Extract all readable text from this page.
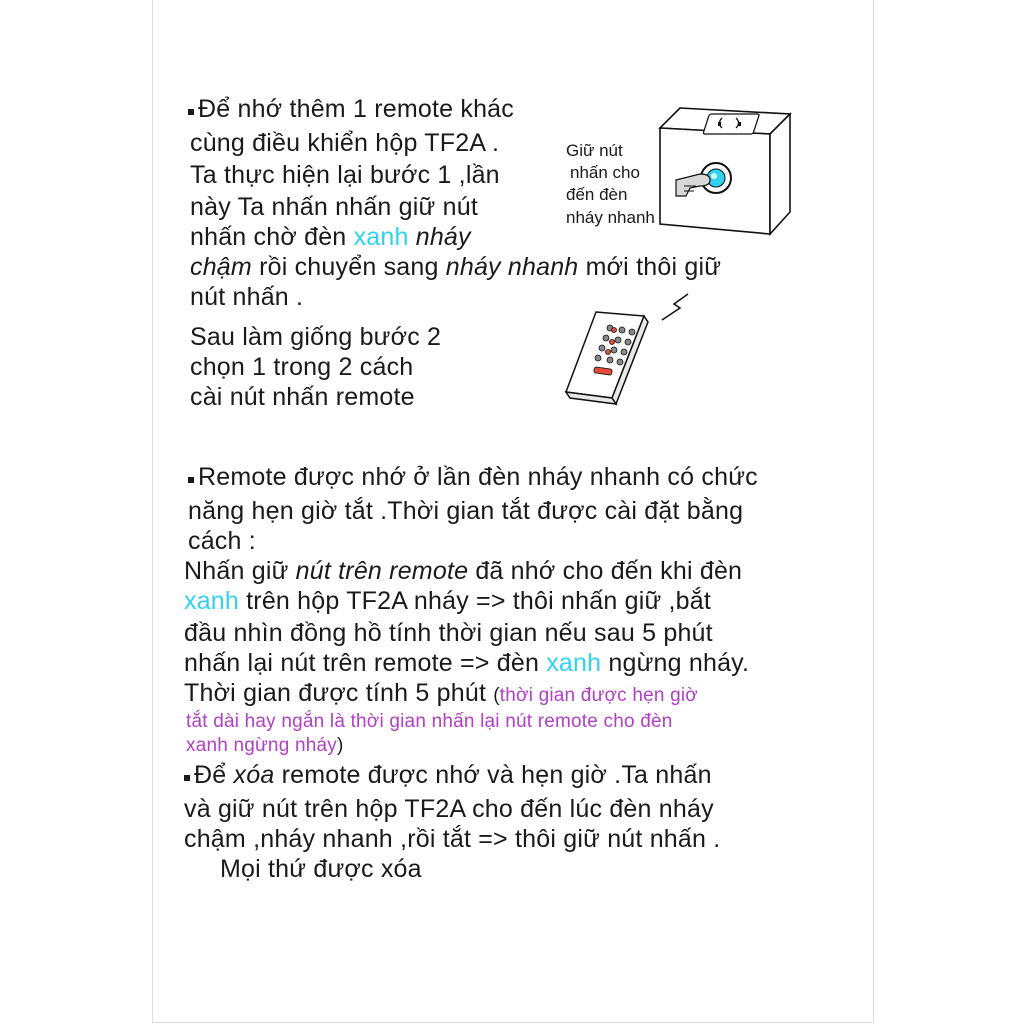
Để nhớ thêm 1 remote khác
cùng điều khiển hộp TF2A .
Ta thực hiện lại bước 1 ,lần
này Ta nhấn nhấn giữ nút
nhấn chờ đèn xanh nháy
chậm rồi chuyển sang nháy nhanh mới thôi giữ
nút nhấn .
Sau làm giống bước 2
chọn 1 trong 2 cách
cài nút nhấn remote
Giữ nút
nhấn cho
đến đèn
nháy nhanh
Remote được nhớ ở lần đèn nháy nhanh có chức
năng hẹn giờ tắt .Thời gian tắt được cài đặt bằng
cách :
Nhấn giữ nút trên remote đã nhớ cho đến khi đèn
xanh trên hộp TF2A nháy => thôi nhấn giữ ,bắt
đầu nhìn đồng hồ tính thời gian nếu sau 5 phút
nhấn lại nút trên remote => đèn xanh ngừng nháy.
Thời gian được tính 5 phút (thời gian được hẹn giờ
tắt dài hay ngắn là thời gian nhấn lại nút remote cho đèn
xanh ngừng nháy)
Để xóa remote được nhớ và hẹn giờ .Ta nhấn
và giữ nút trên hộp TF2A cho đến lúc đèn nháy
chậm ,nháy nhanh ,rồi tắt => thôi giữ nút nhấn .
Mọi thứ được xóa
